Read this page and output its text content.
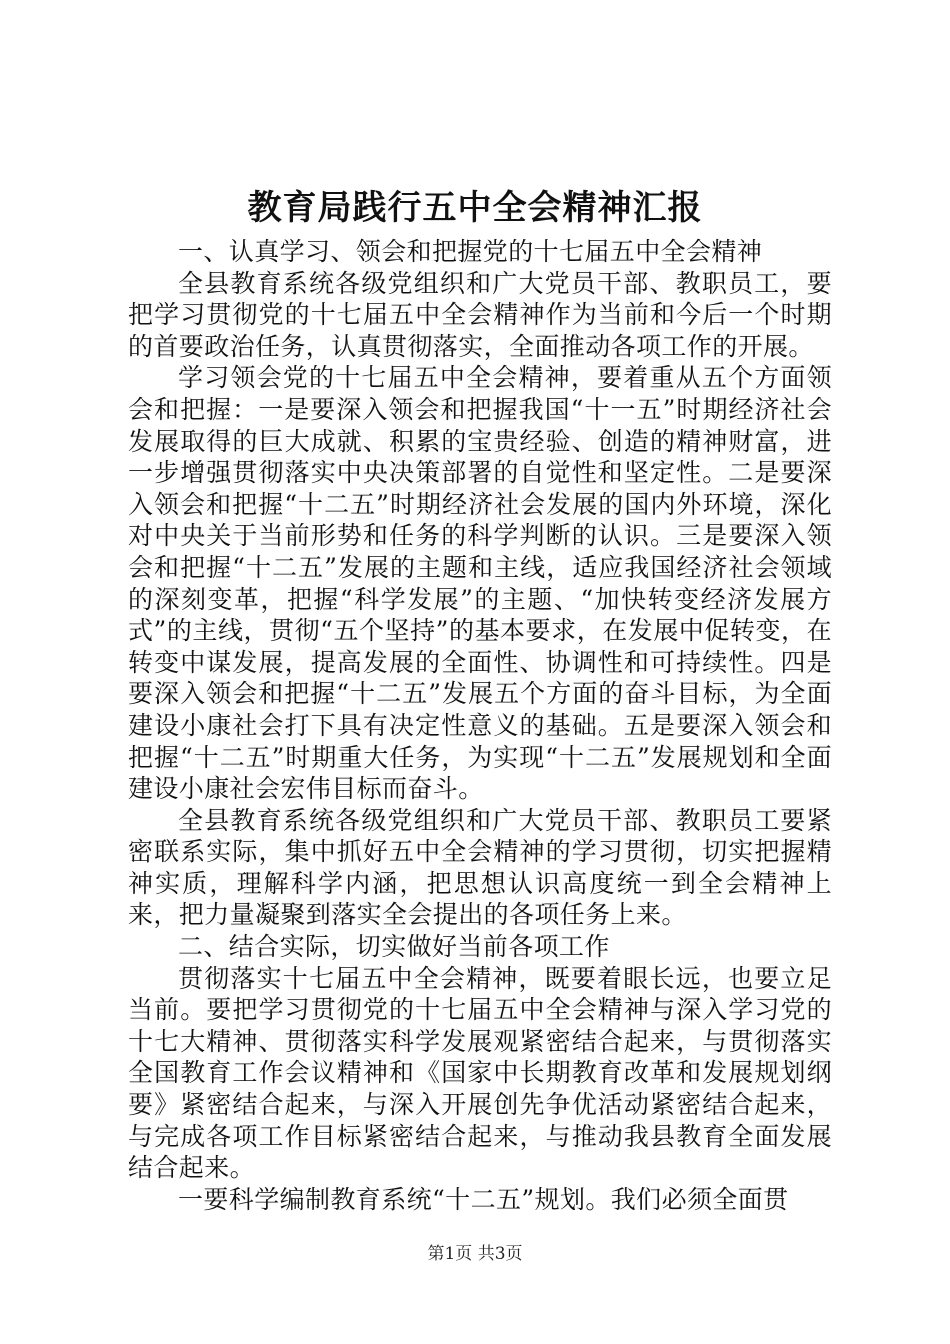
教育局践行五中全会精神汇报

一、认真学习、领会和把握党的十七届五中全会精神

全县教育系统各级党组织和广大党员干部、教职员工，要把学习贯彻党的十七届五中全会精神作为当前和今后一个时期的首要政治任务，认真贯彻落实，全面推动各项工作的开展。

学习领会党的十七届五中全会精神，要着重从五个方面领会和把握：一是要深入领会和把握我国“十一五”时期经济社会发展取得的巨大成就、积累的宝贵经验、创造的精神财富，进一步增强贯彻落实中央决策部署的自觉性和坚定性。二是要深入领会和把握“十二五”时期经济社会发展的国内外环境，深化对中央关于当前形势和任务的科学判断的认识。三是要深入领会和把握“十二五”发展的主题和主线，适应我国经济社会领域的深刻变革，把握“科学发展”的主题、“加快转变经济发展方式”的主线，贯彻“五个坚持”的基本要求，在发展中促转变，在转变中谋发展，提高发展的全面性、协调性和可持续性。四是要深入领会和把握“十二五”发展五个方面的奋斗目标，为全面建设小康社会打下具有决定性意义的基础。五是要深入领会和把握“十二五”时期重大任务，为实现“十二五”发展规划和全面建设小康社会宏伟目标而奋斗。

全县教育系统各级党组织和广大党员干部、教职员工要紧密联系实际，集中抓好五中全会精神的学习贯彻，切实把握精神实质，理解科学内涵，把思想认识高度统一到全会精神上来，把力量凝聚到落实全会提出的各项任务上来。

二、结合实际，切实做好当前各项工作

贯彻落实十七届五中全会精神，既要着眼长远，也要立足当前。要把学习贯彻党的十七届五中全会精神与深入学习党的十七大精神、贯彻落实科学发展观紧密结合起来，与贯彻落实全国教育工作会议精神和《国家中长期教育改革和发展规划纲要》紧密结合起来，与深入开展创先争优活动紧密结合起来，与完成各项工作目标紧密结合起来，与推动我县教育全面发展结合起来。

一要科学编制教育系统“十二五”规划。我们必须全面贯

第1页 共3页
